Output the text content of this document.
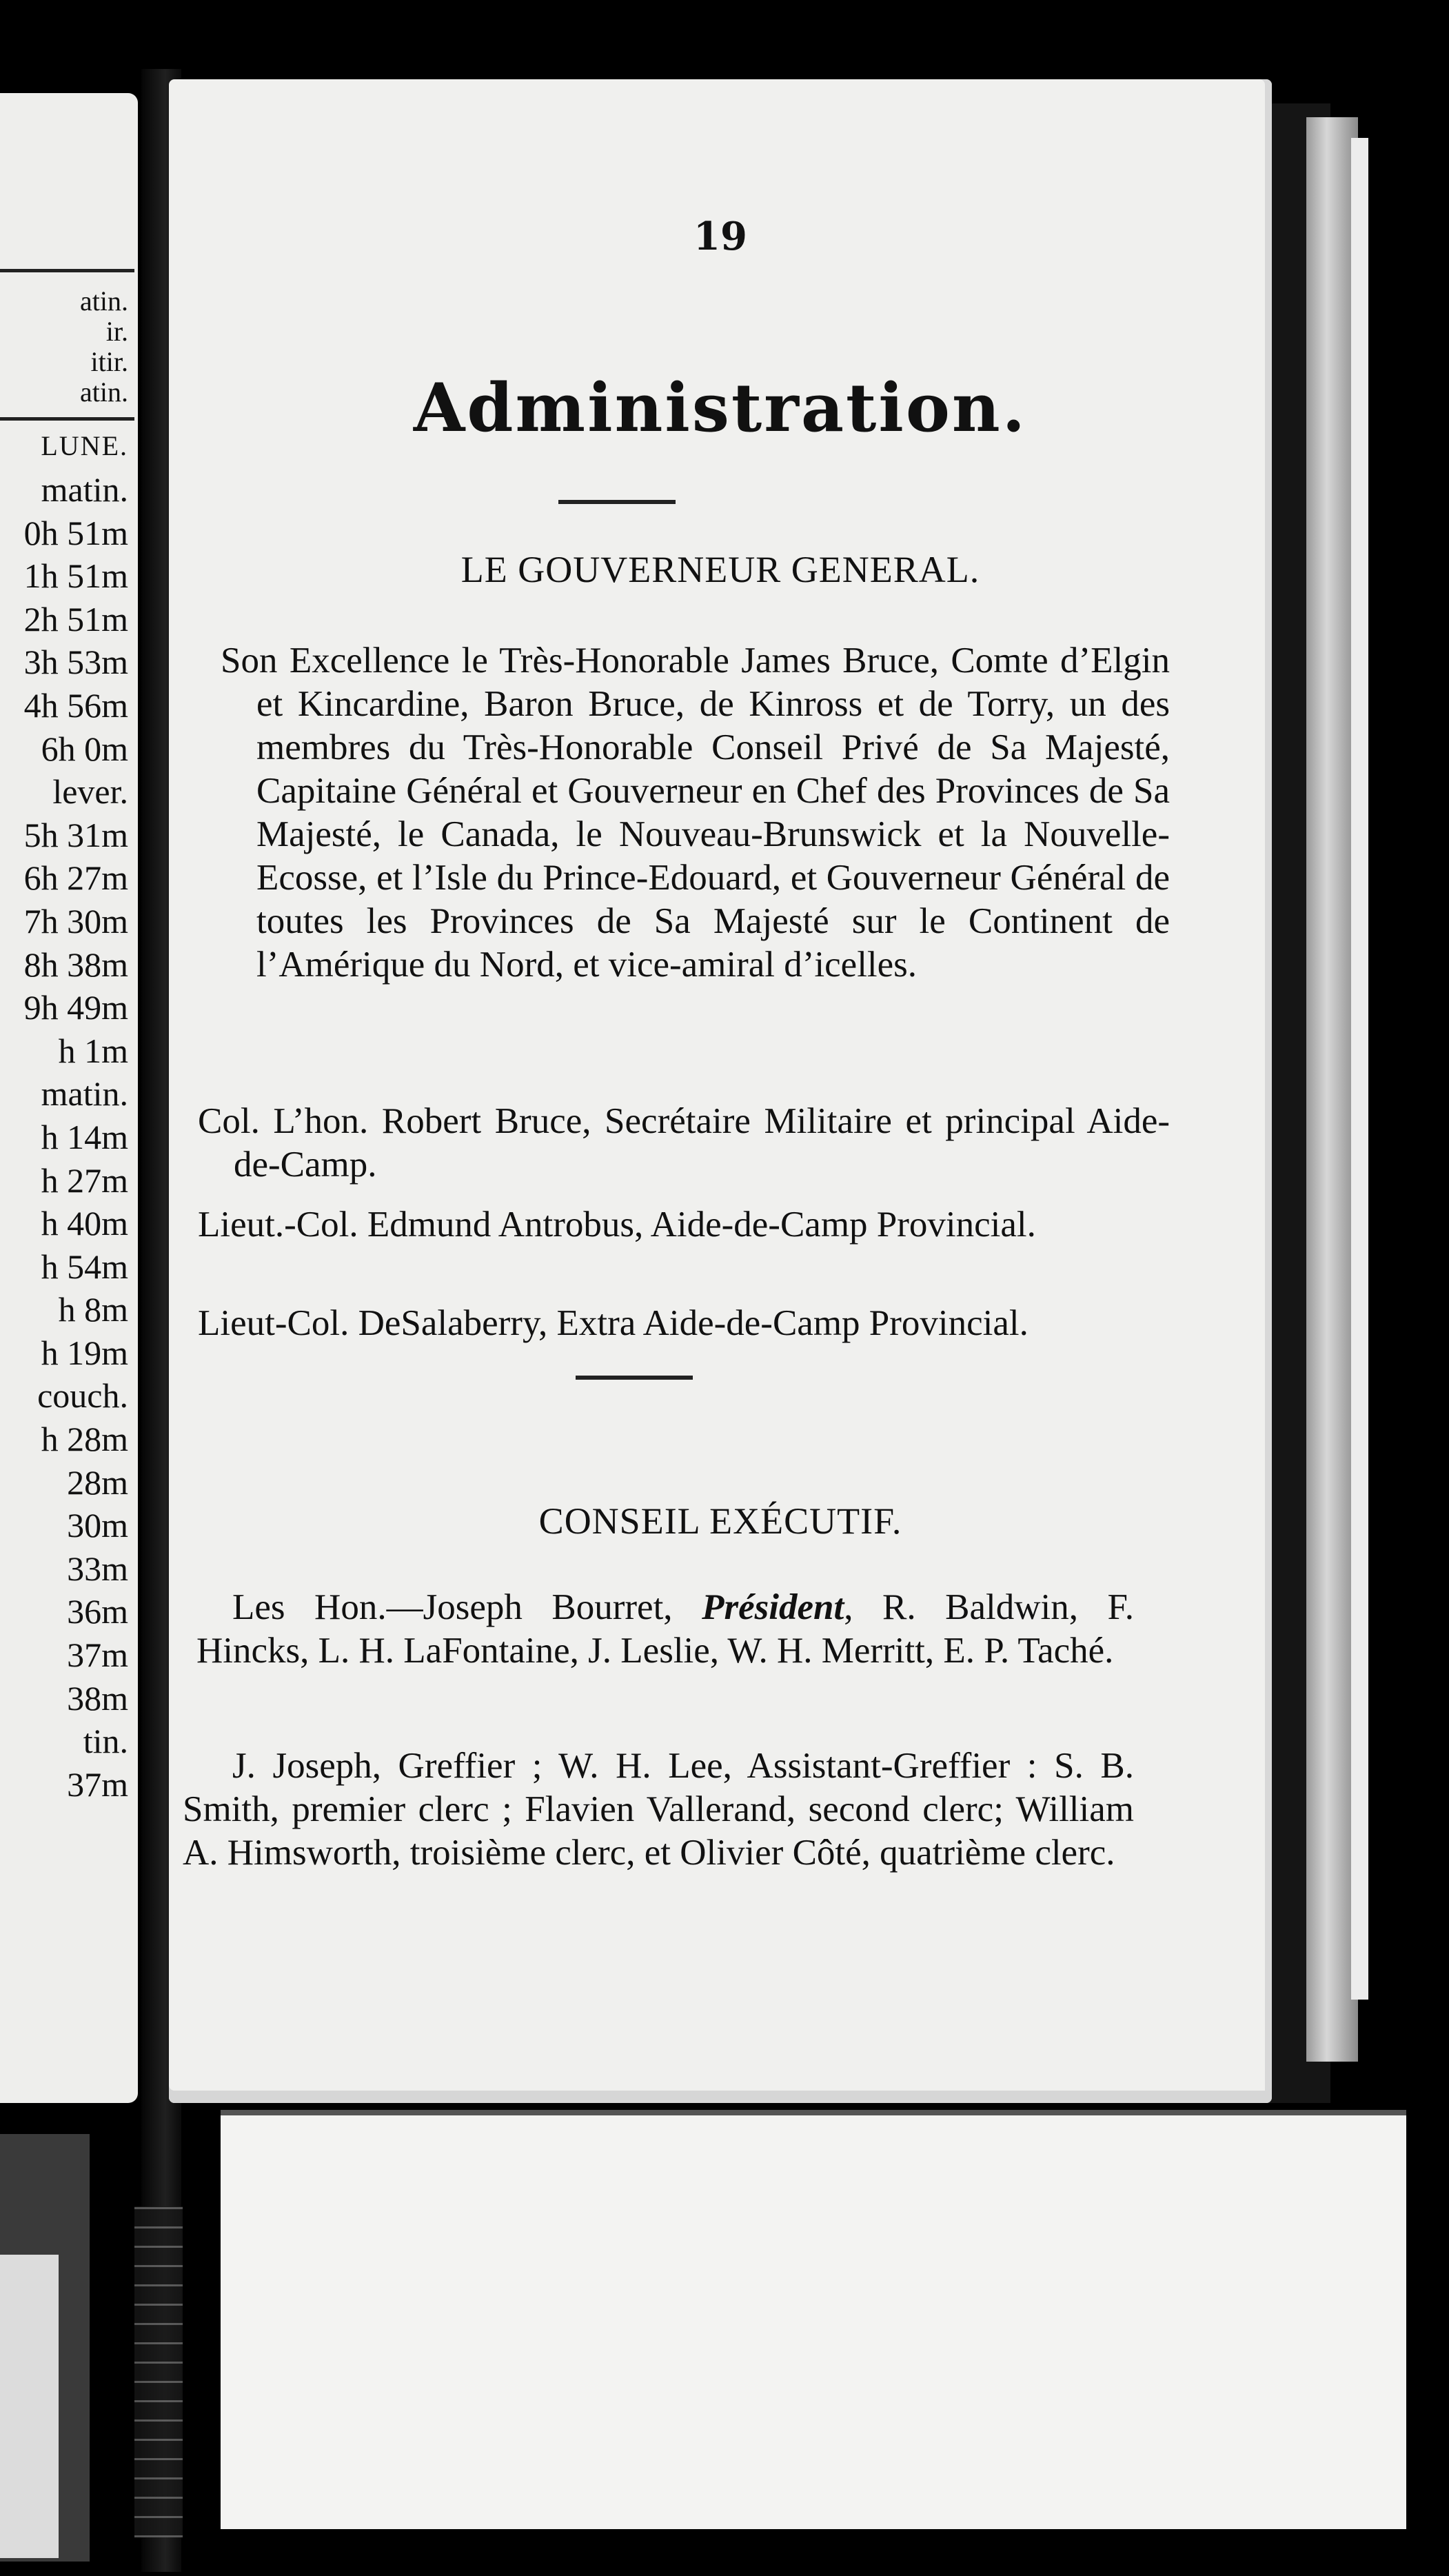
atin.
ir.
itir.
atin.
LUNE.
matin.
0h 51m
1h 51m
2h 51m
3h 53m
4h 56m
6h 0m
lever.
5h 31m
6h 27m
7h 30m
8h 38m
9h 49m
h 1m
matin.
h 14m
h 27m
h 40m
h 54m
h 8m
h 19m
couch.
h 28m
28m
30m
33m
36m
37m
38m
tin.
37m
19
Administration.
LE GOUVERNEUR GENERAL.
Son Excellence le Très-Honorable James Bruce, Comte d’Elgin et Kincardine, Baron Bruce, de Kinross et de Torry, un des membres du Très-Honorable Conseil Privé de Sa Majesté, Capitaine Général et Gouverneur en Chef des Provinces de Sa Majesté, le Canada, le Nouveau-Brunswick et la Nouvelle-Ecosse, et l’Isle du Prince-Edouard, et Gouverneur Général de toutes les Provinces de Sa Majesté sur le Continent de l’Amérique du Nord, et vice-amiral d’icelles.
Col. L’hon. Robert Bruce, Secrétaire Militaire et principal Aide-de-Camp.
Lieut.-Col. Edmund Antrobus, Aide-de-Camp Provincial.
Lieut-Col. DeSalaberry, Extra Aide-de-Camp Provincial.
CONSEIL EXÉCUTIF.
Les Hon.—Joseph Bourret, Président, R. Baldwin, F. Hincks, L. H. LaFontaine, J. Leslie, W. H. Merritt, E. P. Taché.
J. Joseph, Greffier ; W. H. Lee, Assistant-Greffier : S. B. Smith, premier clerc ; Flavien Vallerand, second clerc; William A. Himsworth, troisième clerc, et Olivier Côté, quatrième clerc.
